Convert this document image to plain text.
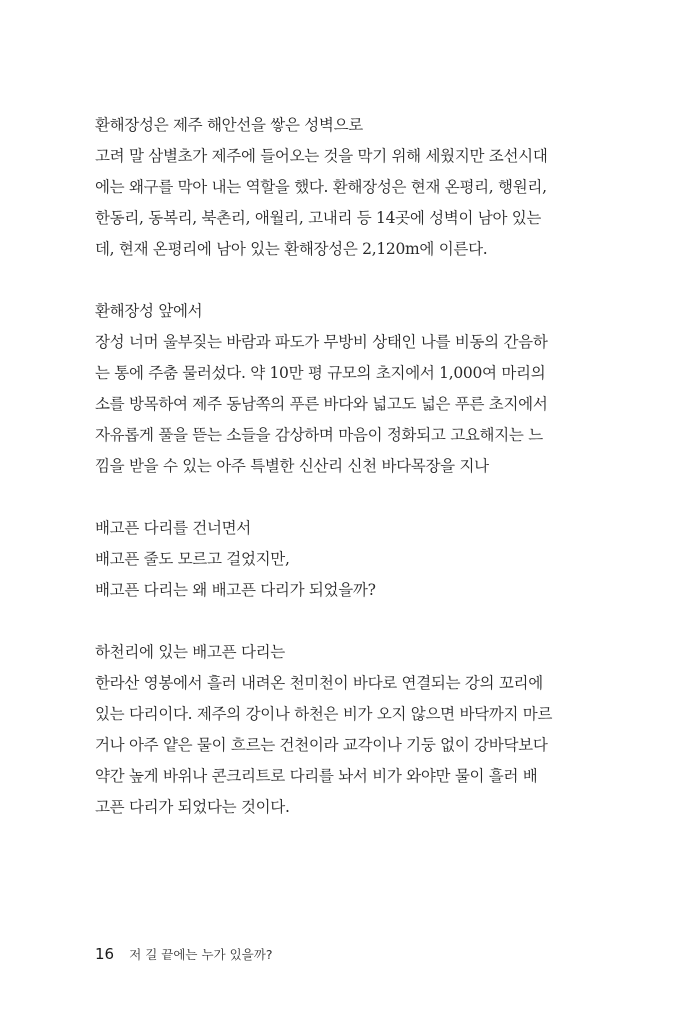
환해장성은 제주 해안선을 쌓은 성벽으로
고려 말 삼별초가 제주에 들어오는 것을 막기 위해 세웠지만 조선시대
에는 왜구를 막아 내는 역할을 했다. 환해장성은 현재 온평리, 행원리,
한동리, 동복리, 북촌리, 애월리, 고내리 등 14곳에 성벽이 남아 있는
데, 현재 온평리에 남아 있는 환해장성은 2,120m에 이른다.
환해장성 앞에서
장성 너머 울부짖는 바람과 파도가 무방비 상태인 나를 비동의 간음하
는 통에 주춤 물러섰다. 약 10만 평 규모의 초지에서 1,000여 마리의
소를 방목하여 제주 동남쪽의 푸른 바다와 넓고도 넓은 푸른 초지에서
자유롭게 풀을 뜯는 소들을 감상하며 마음이 정화되고 고요해지는 느
낌을 받을 수 있는 아주 특별한 신산리 신천 바다목장을 지나
배고픈 다리를 건너면서
배고픈 줄도 모르고 걸었지만,
배고픈 다리는 왜 배고픈 다리가 되었을까?
하천리에 있는 배고픈 다리는
한라산 영봉에서 흘러 내려온 천미천이 바다로 연결되는 강의 꼬리에
있는 다리이다. 제주의 강이나 하천은 비가 오지 않으면 바닥까지 마르
거나 아주 얕은 물이 흐르는 건천이라 교각이나 기둥 없이 강바닥보다
약간 높게 바위나 콘크리트로 다리를 놔서 비가 와야만 물이 흘러 배
고픈 다리가 되었다는 것이다.
16 저 길 끝에는 누가 있을까?
